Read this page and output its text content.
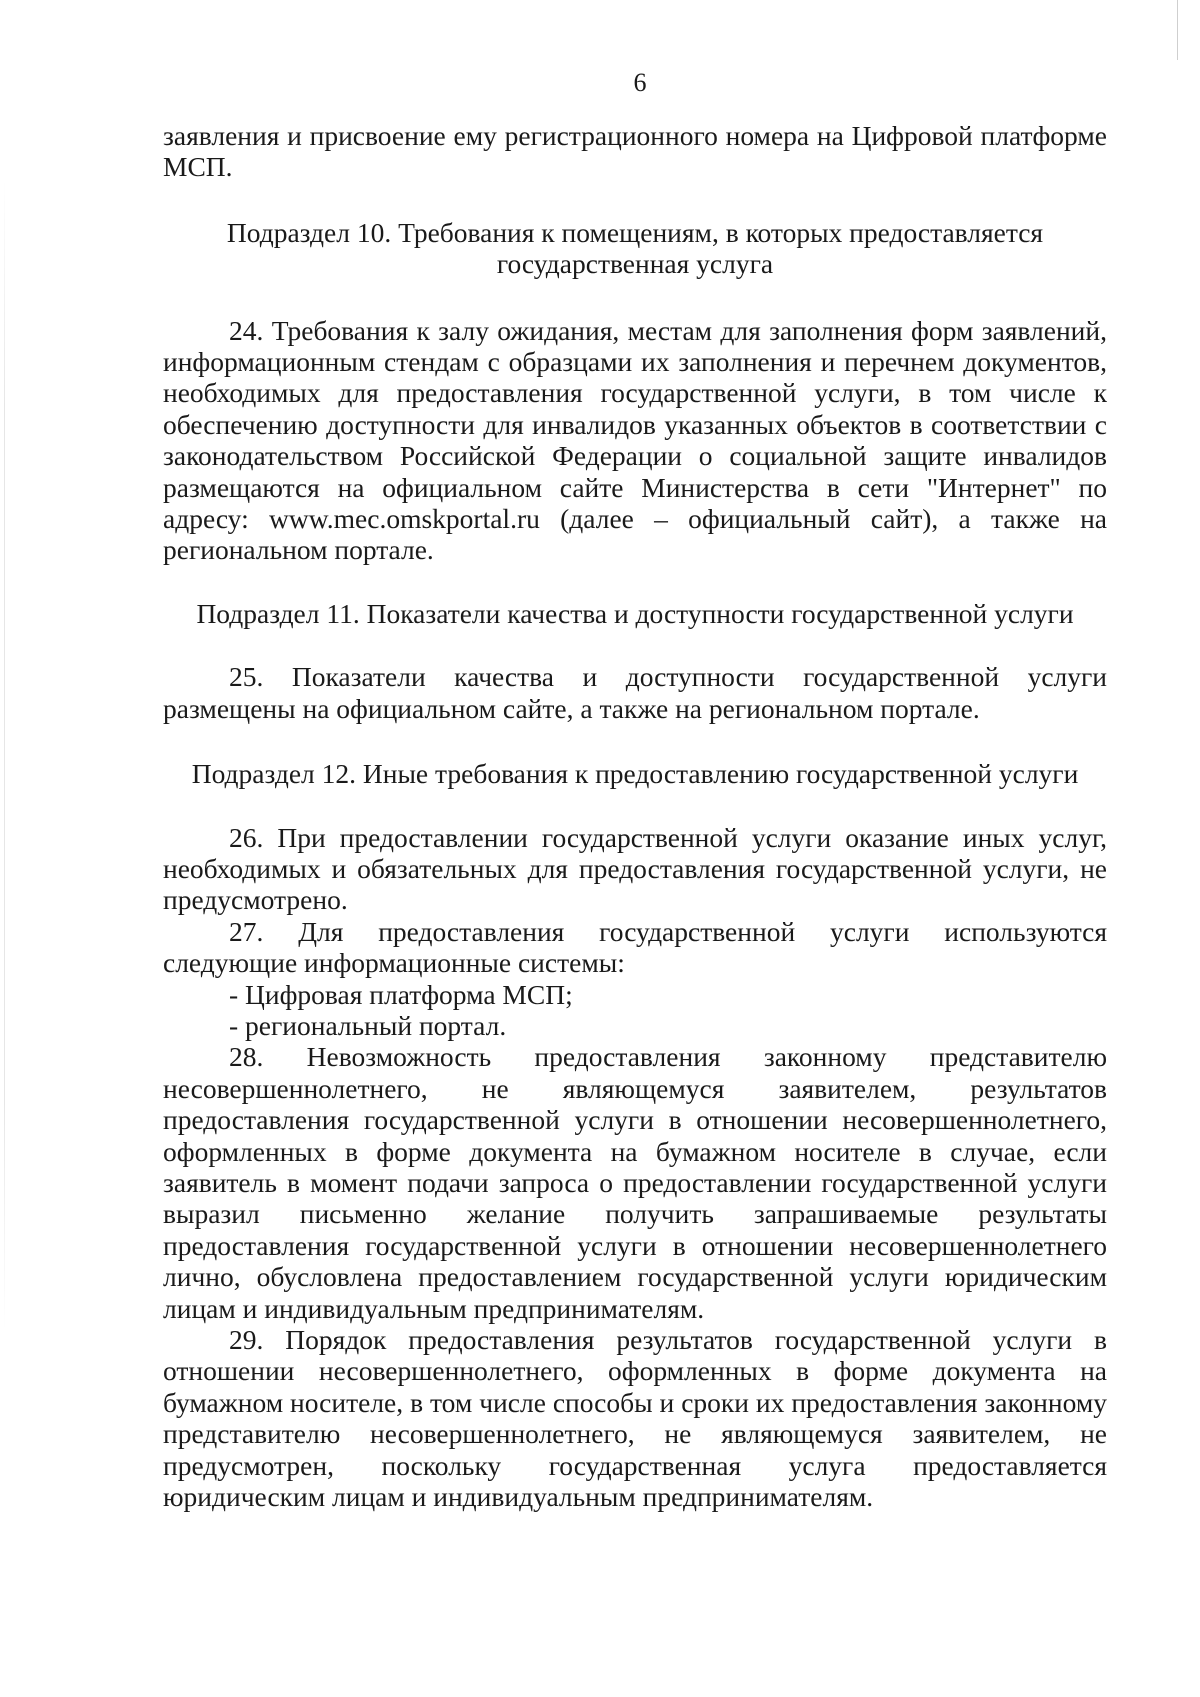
6

заявления и присвоение ему регистрационного номера на Цифровой платформе МСП.

Подраздел 10. Требования к помещениям, в которых предоставляется
государственная услуга

24. Требования к залу ожидания, местам для заполнения форм заявлений, информационным стендам с образцами их заполнения и перечнем документов, необходимых для предоставления государственной услуги, в том числе к обеспечению доступности для инвалидов указанных объектов в соответствии с законодательством Российской Федерации о социальной защите инвалидов размещаются на официальном сайте Министерства в сети "Интернет" по адресу: www.mec.omskportal.ru (далее – официальный сайт), а также на региональном портале.

Подраздел 11. Показатели качества и доступности государственной услуги

25. Показатели качества и доступности государственной услуги размещены на официальном сайте, а также на региональном портале.

Подраздел 12. Иные требования к предоставлению государственной услуги

26. При предоставлении государственной услуги оказание иных услуг, необходимых и обязательных для предоставления государственной услуги, не предусмотрено.

27. Для предоставления государственной услуги используются следующие информационные системы:

- Цифровая платформа МСП;

- региональный портал.

28. Невозможность предоставления законному представителю несовершеннолетнего, не являющемуся заявителем, результатов предоставления государственной услуги в отношении несовершеннолетнего, оформленных в форме документа на бумажном носителе в случае, если заявитель в момент подачи запроса о предоставлении государственной услуги выразил письменно желание получить запрашиваемые результаты предоставления государственной услуги в отношении несовершеннолетнего лично, обусловлена предоставлением государственной услуги юридическим лицам и индивидуальным предпринимателям.

29. Порядок предоставления результатов государственной услуги в отношении несовершеннолетнего, оформленных в форме документа на бумажном носителе, в том числе способы и сроки их предоставления законному представителю несовершеннолетнего, не являющемуся заявителем, не предусмотрен, поскольку государственная услуга предоставляется юридическим лицам и индивидуальным предпринимателям.
